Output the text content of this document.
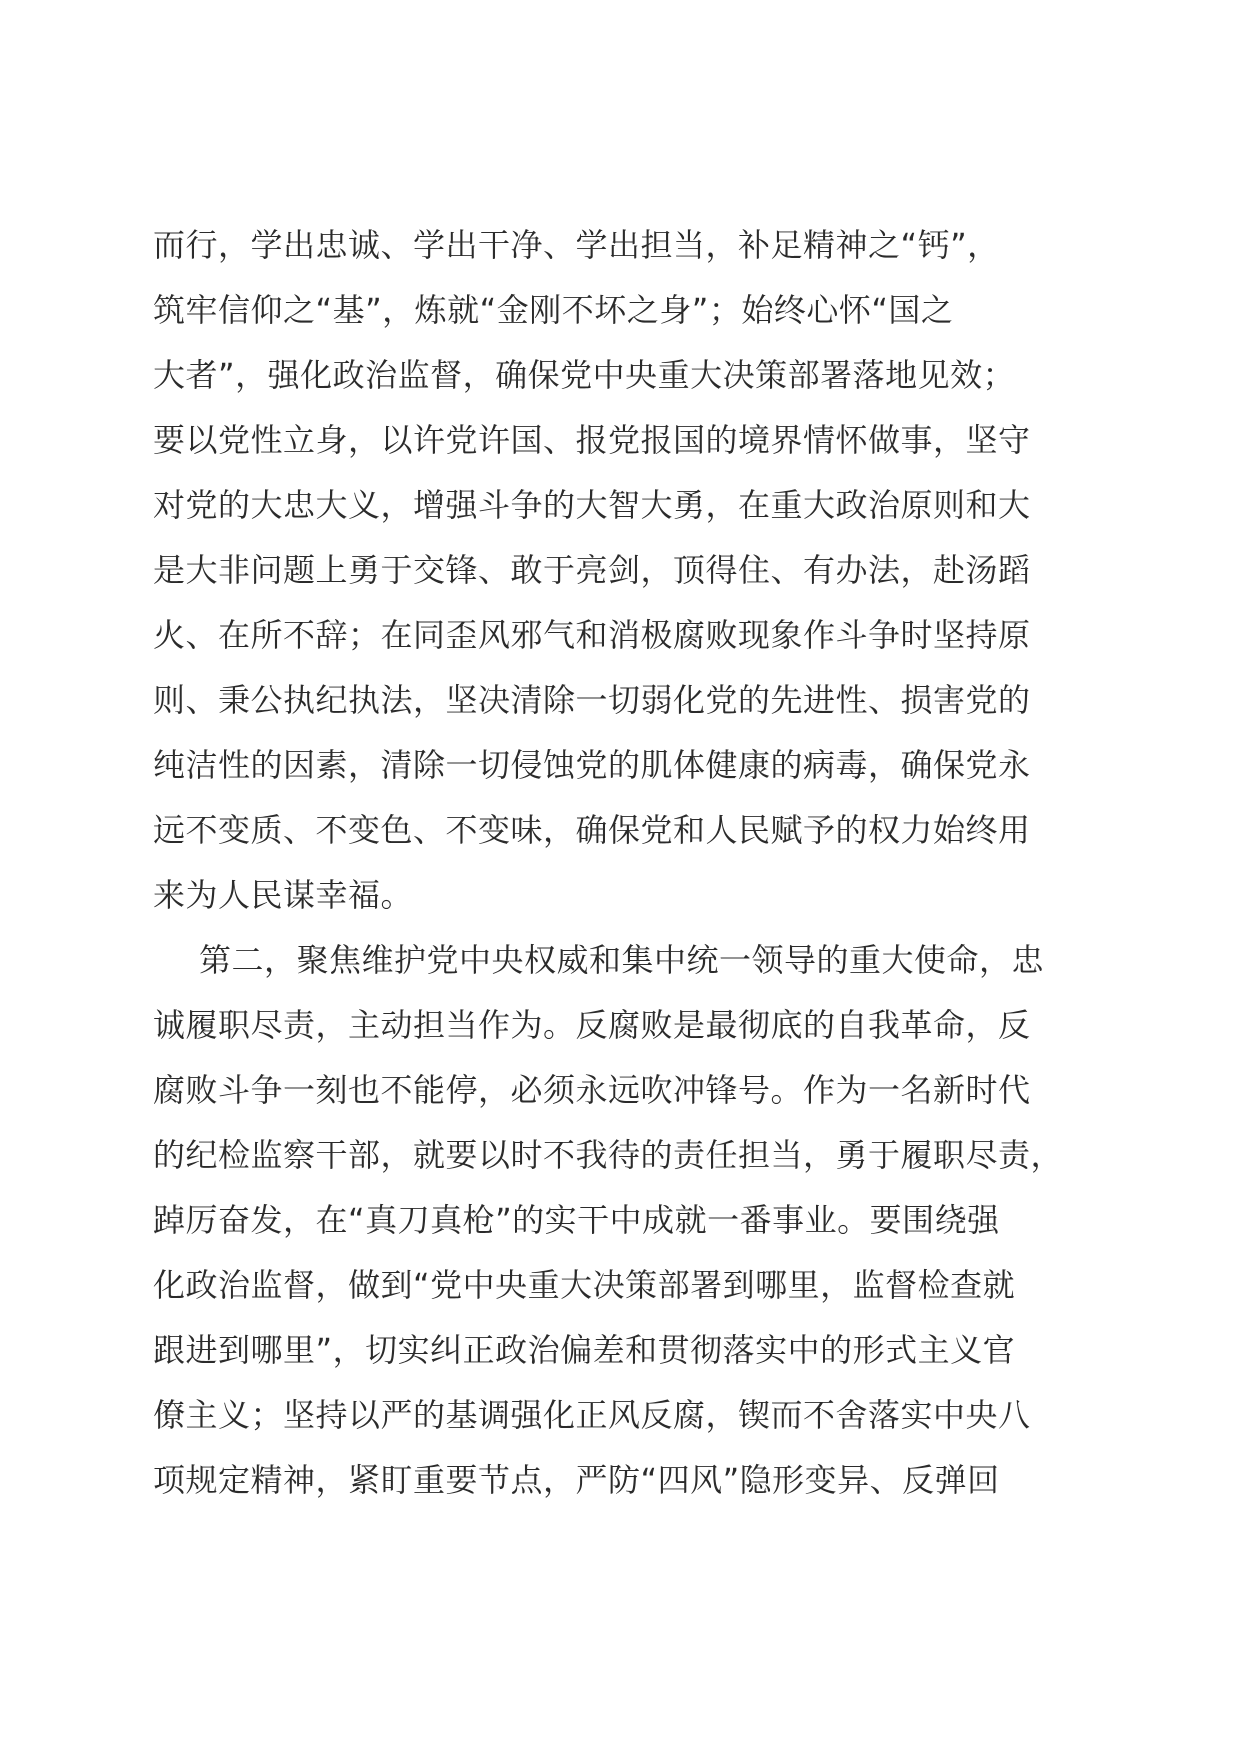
而行，学出忠诚、学出干净、学出担当，补足精神之“钙”，
筑牢信仰之“基”，炼就“金刚不坏之身”；始终心怀“国之
大者”，强化政治监督，确保党中央重大决策部署落地见效；
要以党性立身，以许党许国、报党报国的境界情怀做事，坚守
对党的大忠大义，增强斗争的大智大勇，在重大政治原则和大
是大非问题上勇于交锋、敢于亮剑，顶得住、有办法，赴汤蹈
火、在所不辞；在同歪风邪气和消极腐败现象作斗争时坚持原
则、秉公执纪执法，坚决清除一切弱化党的先进性、损害党的
纯洁性的因素，清除一切侵蚀党的肌体健康的病毒，确保党永
远不变质、不变色、不变味，确保党和人民赋予的权力始终用
来为人民谋幸福。
第二，聚焦维护党中央权威和集中统一领导的重大使命，忠
诚履职尽责，主动担当作为。反腐败是最彻底的自我革命，反
腐败斗争一刻也不能停，必须永远吹冲锋号。作为一名新时代
的纪检监察干部，就要以时不我待的责任担当，勇于履职尽责，
踔厉奋发，在“真刀真枪”的实干中成就一番事业。要围绕强
化政治监督，做到“党中央重大决策部署到哪里，监督检查就
跟进到哪里”，切实纠正政治偏差和贯彻落实中的形式主义官
僚主义；坚持以严的基调强化正风反腐，锲而不舍落实中央八
项规定精神，紧盯重要节点，严防“四风”隐形变异、反弹回
